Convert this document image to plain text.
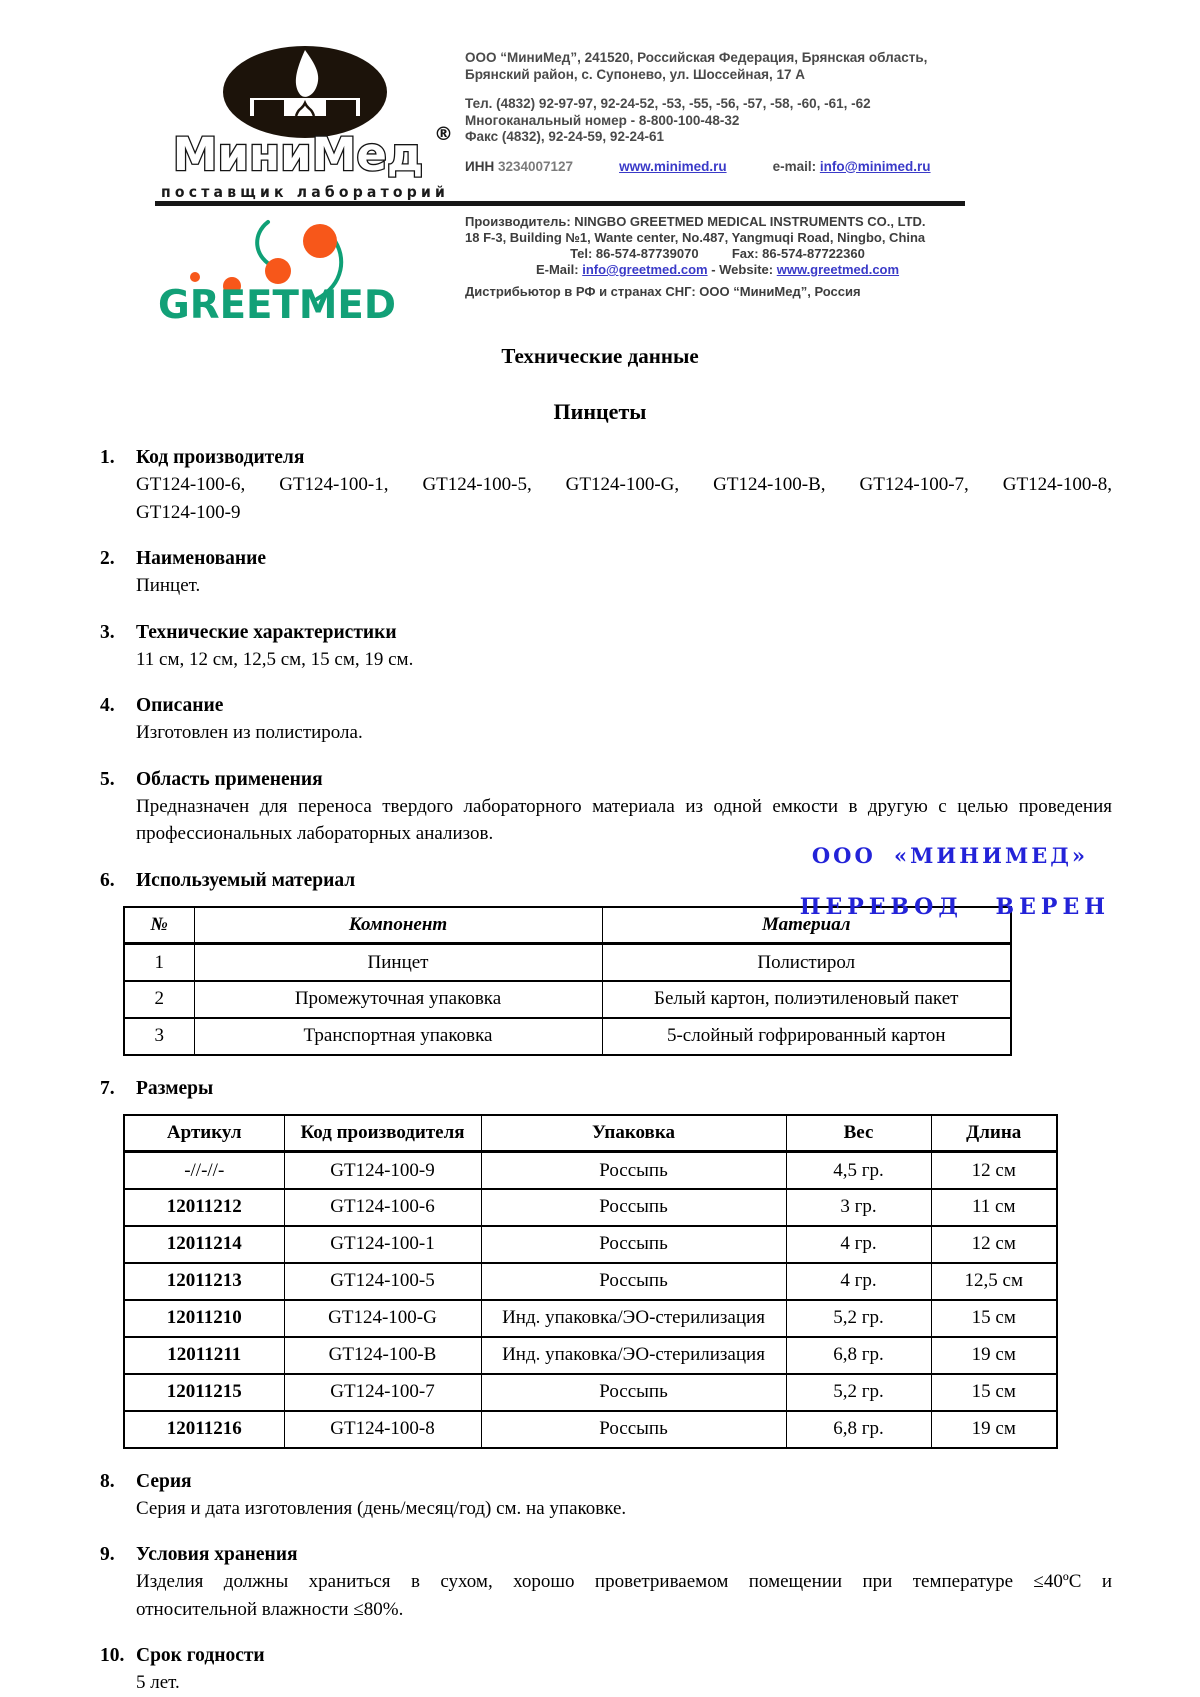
МиниМед ®
поставщик лабораторий
ООО “МиниМед”, 241520, Российская Федерация, Брянская область,
Брянский район, с. Супонево, ул. Шоссейная, 17 А
Тел. (4832) 92-97-97, 92-24-52, -53, -55, -56, -57, -58, -60, -61, -62
Многоканальный номер - 8-800-100-48-32
Факс (4832), 92-24-59, 92-24-61
ИНН 3234007127	www.minimed.ru	e-mail: info@minimed.ru
GREETMED
Производитель: NINGBO GREETMED MEDICAL INSTRUMENTS CO., LTD.
18 F-3, Building №1, Wante center, No.487, Yangmuqi Road, Ningbo, China
Tel: 86-574-87739070	Fax: 86-574-87722360
E-Mail: info@greetmed.com - Website: www.greetmed.com
Дистрибьютор в РФ и странах СНГ: ООО “МиниМед”, Россия
Технические данные
Пинцеты
1.	Код производителя
GT124-100-6, GT124-100-1, GT124-100-5, GT124-100-G, GT124-100-B, GT124-100-7, GT124-100-8,
GT124-100-9
2.	Наименование
Пинцет.
3.	Технические характеристики
11 см, 12 см, 12,5 см, 15 см, 19 см.
4.	Описание
Изготовлен из полистирола.
5.	Область применения
Предназначен для переноса твердого лабораторного материала из одной емкости в другую с целью проведения
профессиональных лабораторных анализов.
6.	Используемый материал
ООО «МИНИМЕД»
ПЕРЕВОД ВЕРЕН
№	Компонент	Материал
1	Пинцет	Полистирол
2	Промежуточная упаковка	Белый картон, полиэтиленовый пакет
3	Транспортная упаковка	5-слойный гофрированный картон
7.	Размеры
Артикул	Код производителя	Упаковка	Вес	Длина
-//-//-	GT124-100-9	Россыпь	4,5 гр.	12 см
12011212	GT124-100-6	Россыпь	3 гр.	11 см
12011214	GT124-100-1	Россыпь	4 гр.	12 см
12011213	GT124-100-5	Россыпь	4 гр.	12,5 см
12011210	GT124-100-G	Инд. упаковка/ЭО-стерилизация	5,2 гр.	15 см
12011211	GT124-100-B	Инд. упаковка/ЭО-стерилизация	6,8 гр.	19 см
12011215	GT124-100-7	Россыпь	5,2 гр.	15 см
12011216	GT124-100-8	Россыпь	6,8 гр.	19 см
8.	Серия
Серия и дата изготовления (день/месяц/год) см. на упаковке.
9.	Условия хранения
Изделия должны храниться в сухом, хорошо проветриваемом помещении при температуре ≤40ºС и
относительной влажности ≤80%.
10. Срок годности
5 лет.
